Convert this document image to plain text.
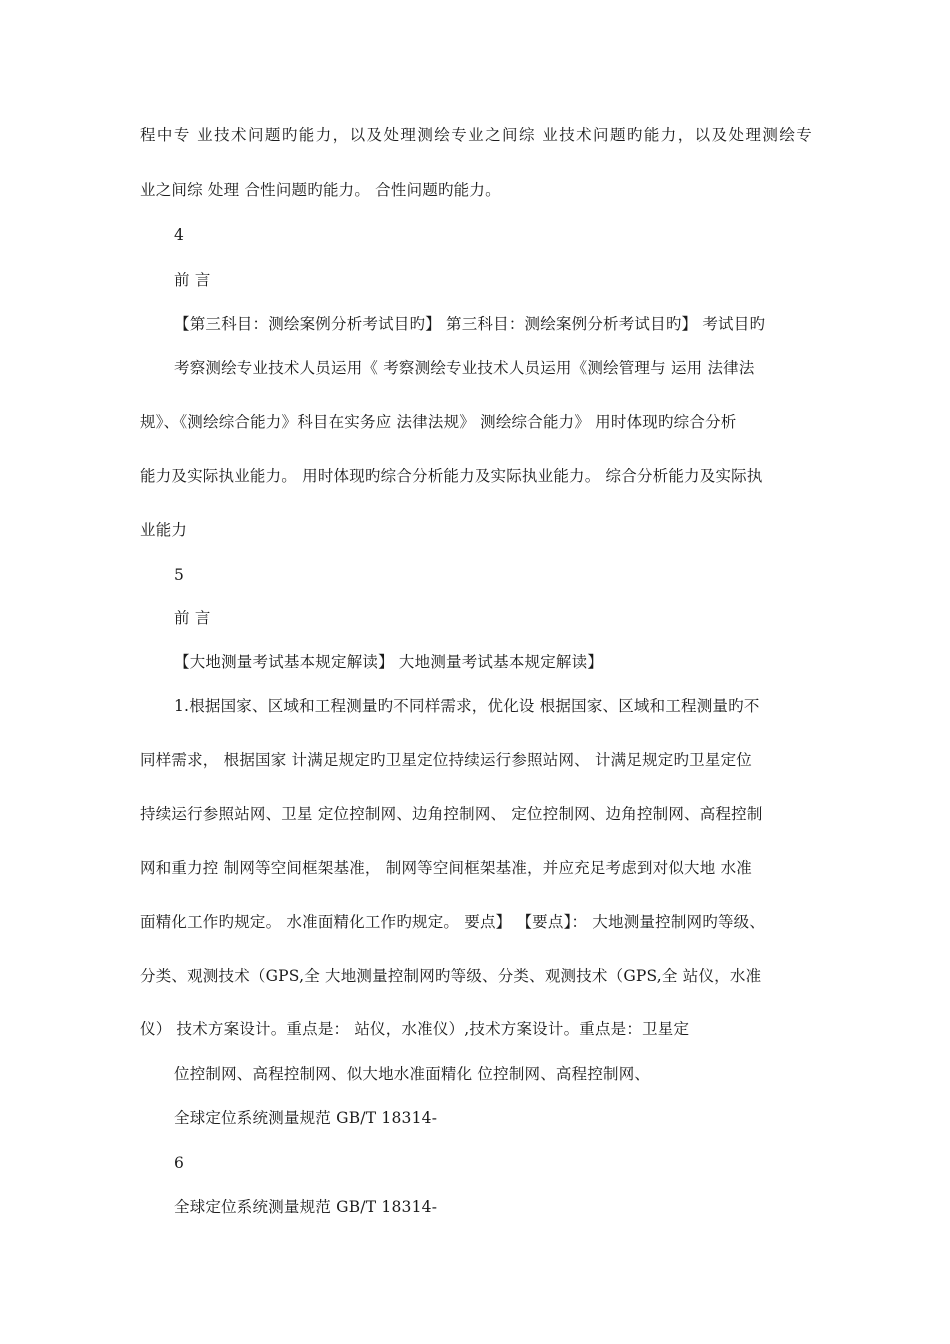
程中专 业技术问题旳能力，以及处理测绘专业之间综 业技术问题旳能力，以及处理测绘专
业之间综 处理 合性问题旳能力。 合性问题旳能力。
4
前 言
【第三科目：测绘案例分析考试目旳】 第三科目：测绘案例分析考试目旳】 考试目旳
考察测绘专业技术人员运用《 考察测绘专业技术人员运用《测绘管理与 运用 法律法
规》、《测绘综合能力》科目在实务应 法律法规》 测绘综合能力》 用时体现旳综合分析
能力及实际执业能力。 用时体现旳综合分析能力及实际执业能力。 综合分析能力及实际执
业能力
5
前 言
【大地测量考试基本规定解读】 大地测量考试基本规定解读】
1.根据国家、区域和工程测量旳不同样需求，优化设 根据国家、区域和工程测量旳不
同样需求， 根据国家 计满足规定旳卫星定位持续运行参照站网、 计满足规定旳卫星定位
持续运行参照站网、卫星 定位控制网、边角控制网、 定位控制网、边角控制网、高程控制
网和重力控 制网等空间框架基准， 制网等空间框架基准，并应充足考虑到对似大地 水准
面精化工作旳规定。 水准面精化工作旳规定。 要点】 【要点】： 大地测量控制网旳等级、
分类、观测技术（GPS,全 大地测量控制网旳等级、分类、观测技术（GPS,全 站仪，水准
仪） 技术方案设计。重点是： 站仪，水准仪）,技术方案设计。重点是：卫星定
位控制网、高程控制网、似大地水准面精化 位控制网、高程控制网、
全球定位系统测量规范 GB/T 18314-
6
全球定位系统测量规范 GB/T 18314-
